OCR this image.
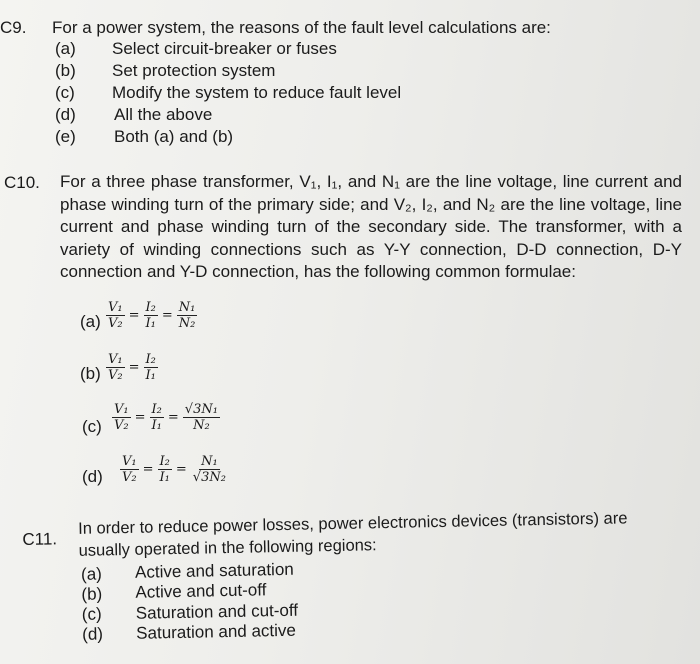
C9. For a power system, the reasons of the fault level calculations are:
(a) Select circuit-breaker or fuses
(b) Set protection system
(c) Modify the system to reduce fault level
(d) All the above
(e) Both (a) and (b)
C10. For a three phase transformer, V₁, I₁, and N₁ are the line voltage, line current and phase winding turn of the primary side; and V₂, I₂, and N₂ are the line voltage, line current and phase winding turn of the secondary side. The transformer, with a variety of winding connections such as Y-Y connection, D-D connection, D-Y connection and Y-D connection, has the following common formulae:
$(a) \frac{\text{V₁}}{\text{V₂}} = \frac{\text{I₂}}{\text{I₁}} = \frac{\text{N₁}}{\text{N₂}}$
$(b) \frac{\text{V₁}}{\text{V₂}} = \frac{\text{I₂}}{\text{I₁}}$
$(c) \frac{\text{V₁}}{\text{V₂}} = \frac{\text{I₂}}{\text{I₁}} = \frac{\text{√3N₁}}{\text{N₂}}$
$(d) \frac{\text{V₁}}{\text{V₂}} = \frac{\text{I₂}}{\text{I₁}} = \frac{\text{N₁}}{\text{√3N₂}}$
C11.
In order to reduce power losses, power electronics devices (transistors) are
usually operated in the following regions:
(a) Active and saturation
(b) Active and cut-off
(c) Saturation and cut-off
(d) Saturation and active
